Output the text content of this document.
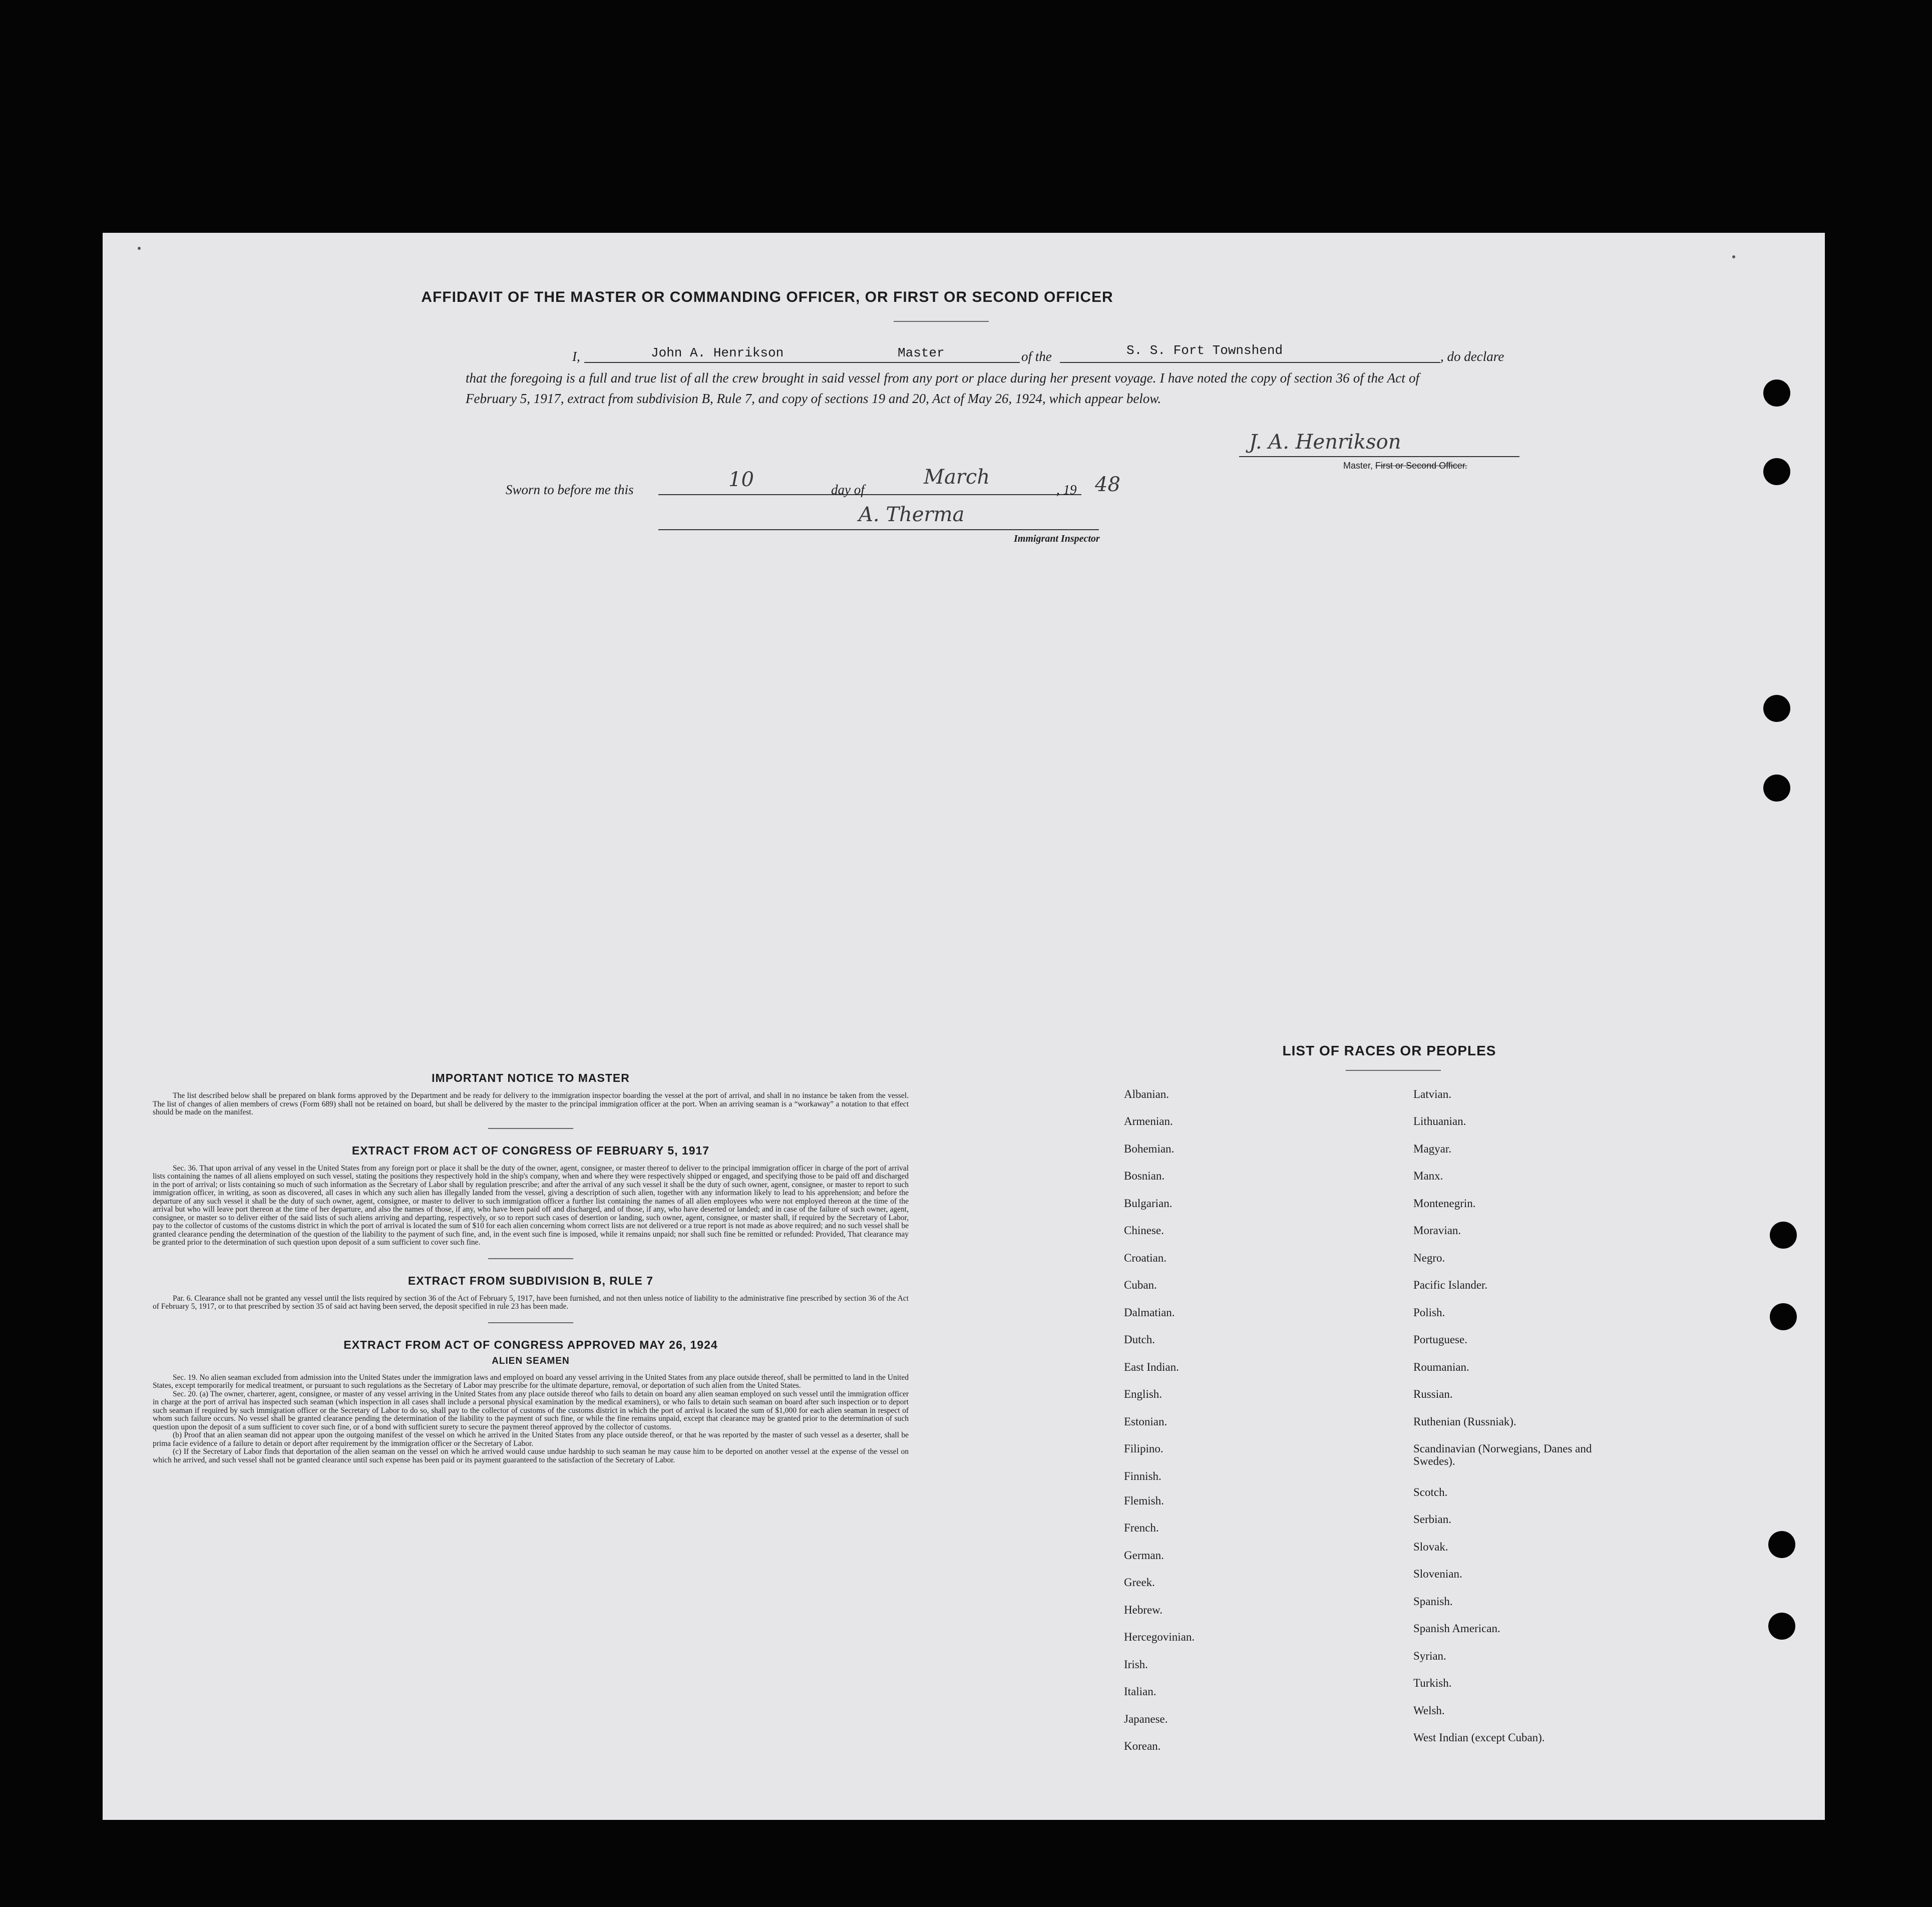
AFFIDAVIT OF THE MASTER OR COMMANDING OFFICER, OR FIRST OR SECOND OFFICER
I,	John A. Henrikson	Master	of the	S. S. Fort Townshend	, do declare
that the foregoing is a full and true list of all the crew brought in said vessel from any port or place during her present voyage. I have noted the copy of section 36 of the Act of February 5, 1917, extract from subdivision B, Rule 7, and copy of sections 19 and 20, Act of May 26, 1924, which appear below.
J. A. Henrikson
Master, First or Second Officer.
Sworn to before me this	10	day of
March
, 19 48
A. Therma
Immigrant Inspector
IMPORTANT NOTICE TO MASTER

The list described below shall be prepared on blank forms approved by the Department and be ready for delivery to the immigration inspector boarding the vessel at the port of arrival, and shall in no instance be taken from the vessel. The list of changes of alien members of crews (Form 689) shall not be retained on board, but shall be delivered by the master to the principal immigration officer at the port. When an arriving seaman is a “workaway” a notation to that effect should be made on the manifest.

EXTRACT FROM ACT OF CONGRESS OF FEBRUARY 5, 1917

Sec. 36. That upon arrival of any vessel in the United States from any foreign port or place it shall be the duty of the owner, agent, consignee, or master thereof to deliver to the principal immigration officer in charge of the port of arrival lists containing the names of all aliens employed on such vessel, stating the positions they respectively hold in the ship's company, when and where they were respectively shipped or engaged, and specifying those to be paid off and discharged in the port of arrival; or lists containing so much of such information as the Secretary of Labor shall by regulation prescribe; and after the arrival of any such vessel it shall be the duty of such owner, agent, consignee, or master to report to such immigration officer, in writing, as soon as discovered, all cases in which any such alien has illegally landed from the vessel, giving a description of such alien, together with any information likely to lead to his apprehension; and before the departure of any such vessel it shall be the duty of such owner, agent, consignee, or master to deliver to such immigration officer a further list containing the names of all alien employees who were not employed thereon at the time of the arrival but who will leave port thereon at the time of her departure, and also the names of those, if any, who have been paid off and discharged, and of those, if any, who have deserted or landed; and in case of the failure of such owner, agent, consignee, or master so to deliver either of the said lists of such aliens arriving and departing, respectively, or so to report such cases of desertion or landing, such owner, agent, consignee, or master shall, if required by the Secretary of Labor, pay to the collector of customs of the customs district in which the port of arrival is located the sum of $10 for each alien concerning whom correct lists are not delivered or a true report is not made as above required; and no such vessel shall be granted clearance pending the determination of the question of the liability to the payment of such fine, and, in the event such fine is imposed, while it remains unpaid; nor shall such fine be remitted or refunded: Provided, That clearance may be granted prior to the determination of such question upon deposit of a sum sufficient to cover such fine.

EXTRACT FROM SUBDIVISION B, RULE 7

Par. 6. Clearance shall not be granted any vessel until the lists required by section 36 of the Act of February 5, 1917, have been furnished, and not then unless notice of liability to the administrative fine prescribed by section 36 of the Act of February 5, 1917, or to that prescribed by section 35 of said act having been served, the deposit specified in rule 23 has been made.

EXTRACT FROM ACT OF CONGRESS APPROVED MAY 26, 1924
ALIEN SEAMEN

Sec. 19. No alien seaman excluded from admission into the United States under the immigration laws and employed on board any vessel arriving in the United States from any place outside thereof, shall be permitted to land in the United States, except temporarily for medical treatment, or pursuant to such regulations as the Secretary of Labor may prescribe for the ultimate departure, removal, or deportation of such alien from the United States.

Sec. 20. (a) The owner, charterer, agent, consignee, or master of any vessel arriving in the United States from any place outside thereof who fails to detain on board any alien seaman employed on such vessel until the immigration officer in charge at the port of arrival has inspected such seaman (which inspection in all cases shall include a personal physical examination by the medical examiners), or who fails to detain such seaman on board after such inspection or to deport such seaman if required by such immigration officer or the Secretary of Labor to do so, shall pay to the collector of customs of the customs district in which the port of arrival is located the sum of $1,000 for each alien seaman in respect of whom such failure occurs. No vessel shall be granted clearance pending the determination of the liability to the payment of such fine, or while the fine remains unpaid, except that clearance may be granted prior to the determination of such question upon the deposit of a sum sufficient to cover such fine, or of a bond with sufficient surety to secure the payment thereof approved by the collector of customs.

(b) Proof that an alien seaman did not appear upon the outgoing manifest of the vessel on which he arrived in the United States from any place outside thereof, or that he was reported by the master of such vessel as a deserter, shall be prima facie evidence of a failure to detain or deport after requirement by the immigration officer or the Secretary of Labor.

(c) If the Secretary of Labor finds that deportation of the alien seaman on the vessel on which he arrived would cause undue hardship to such seaman he may cause him to be deported on another vessel at the expense of the vessel on which he arrived, and such vessel shall not be granted clearance until such expense has been paid or its payment guaranteed to the satisfaction of the Secretary of Labor.

LIST OF RACES OR PEOPLES
Albanian.
Armenian.
Bohemian.
Bosnian.
Bulgarian.
Chinese.
Croatian.
Cuban.
Dalmatian.
Dutch.
East Indian.
English.
Estonian.
Filipino.
Finnish.
Flemish.
French.
German.
Greek.
Hebrew.
Hercegovinian.
Irish.
Italian.
Japanese.
Korean.
Latvian.
Lithuanian.
Magyar.
Manx.
Montenegrin.
Moravian.
Negro.
Pacific Islander.
Polish.
Portuguese.
Roumanian.
Russian.
Ruthenian (Russniak).
Scandinavian (Norwegians, Danes and Swedes).
Scotch.
Serbian.
Slovak.
Slovenian.
Spanish.
Spanish American.
Syrian.
Turkish.
Welsh.
West Indian (except Cuban).
